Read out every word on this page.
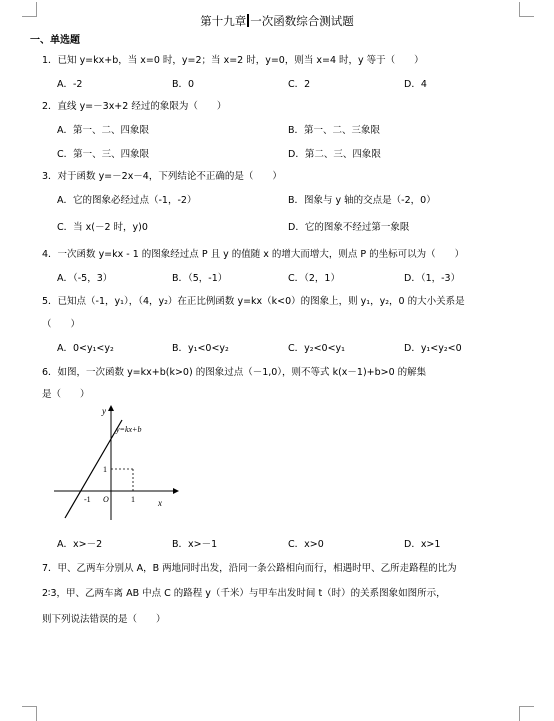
第十九章 一次函数综合测试题
一、单选题
1．已知 y=kx+b，当 x=0 时，y=2；当 x=2 时，y=0，则当 x=4 时，y 等于（　　）
A．-2	B．0	C．2	D．4
2．直线 y=－3x+2 经过的象限为（　　）
A．第一、二、四象限	B．第一、二、三象限
C．第一、三、四象限	D．第二、三、四象限
3．对于函数 y=－2x－4，下列结论不正确的是（　　）
A．它的图象必经过点（-1，-2）	B．图象与 y 轴的交点是（-2，0）
C．当 x(－2 时，y)0	D．它的图象不经过第一象限
4．一次函数 y=kx - 1 的图象经过点 P 且 y 的值随 x 的增大而增大，则点 P 的坐标可以为（　　）
A．（-5，3）	B．（5，-1）	C．（2，1）	D．（1，-3）
5．已知点（-1，y₁），（4，y₂）在正比例函数 y=kx（k<0）的图象上，则 y₁，y₂，0 的大小关系是
（　　）
A．0<y₁<y₂	B．y₁<0<y₂	C．y₂<0<y₁	D．y₁<y₂<0
6．如图，一次函数 y=kx+b(k>0) 的图象过点（－1,0），则不等式 k(x－1)+b>0 的解集
是（　　）
y
x
y=kx+b
1
-1 O	1
A．x>－2	B．x>－1	C．x>0	D．x>1
7．甲、乙两车分别从 A，B 两地同时出发，沿同一条公路相向而行，相遇时甲、乙所走路程的比为
2∶3，甲、乙两车离 AB 中点 C 的路程 y（千米）与甲车出发时间 t（时）的关系图象如图所示，
则下列说法错误的是（　　）
